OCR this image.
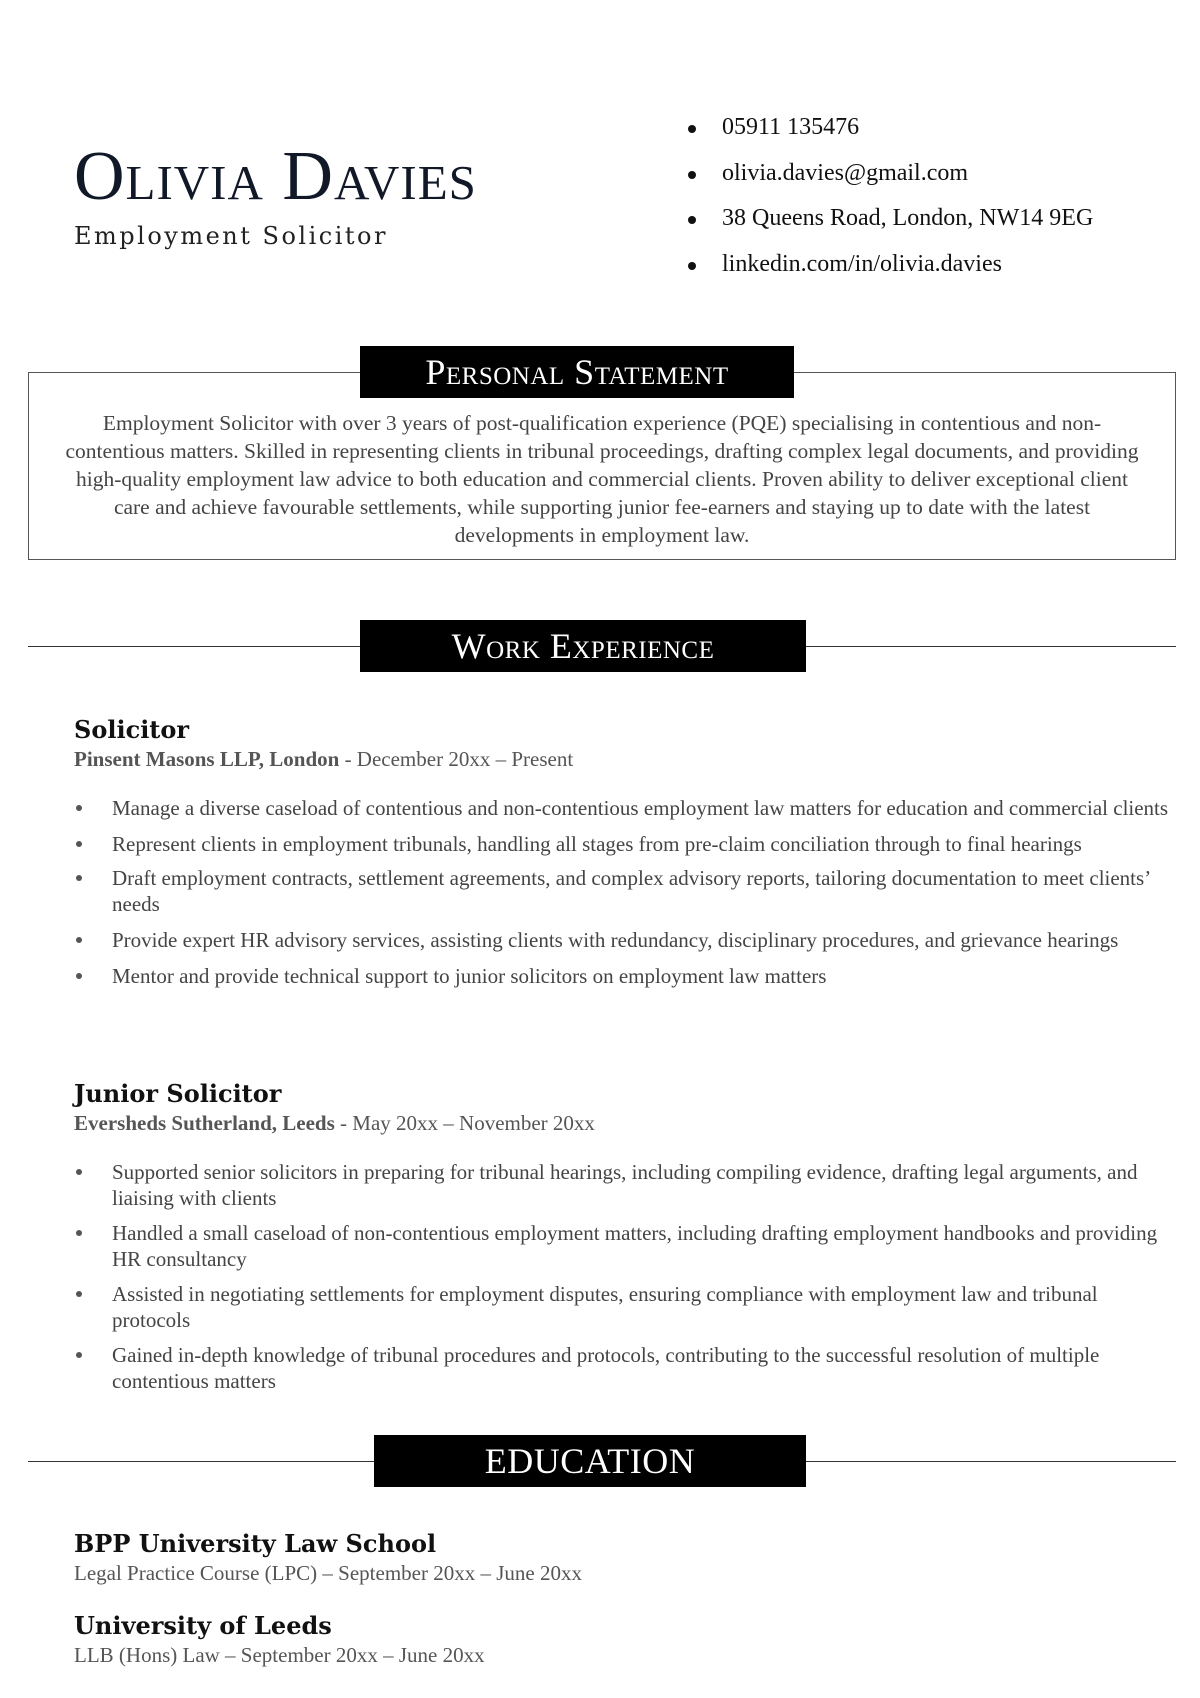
Olivia Davies
Employment Solicitor
05911 135476
olivia.davies@gmail.com
38 Queens Road, London, NW14 9EG
linkedin.com/in/olivia.davies
Personal Statement

Employment Solicitor with over 3 years of post-qualification experience (PQE) specialising in contentious and non-contentious matters. Skilled in representing clients in tribunal proceedings, drafting complex legal documents, and providing high-quality employment law advice to both education and commercial clients. Proven ability to deliver exceptional client care and achieve favourable settlements, while supporting junior fee-earners and staying up to date with the latest developments in employment law.

Work Experience
Solicitor
Pinsent Masons LLP, London - December 20xx – Present
Manage a diverse caseload of contentious and non-contentious employment law matters for education and commercial clients
Represent clients in employment tribunals, handling all stages from pre-claim conciliation through to final hearings
Draft employment contracts, settlement agreements, and complex advisory reports, tailoring documentation to meet clients’ needs
Provide expert HR advisory services, assisting clients with redundancy, disciplinary procedures, and grievance hearings
Mentor and provide technical support to junior solicitors on employment law matters
Junior Solicitor
Eversheds Sutherland, Leeds - May 20xx – November 20xx
Supported senior solicitors in preparing for tribunal hearings, including compiling evidence, drafting legal arguments, and liaising with clients
Handled a small caseload of non-contentious employment matters, including drafting employment handbooks and providing HR consultancy
Assisted in negotiating settlements for employment disputes, ensuring compliance with employment law and tribunal protocols
Gained in-depth knowledge of tribunal procedures and protocols, contributing to the successful resolution of multiple contentious matters
EDUCATION
BPP University Law School
Legal Practice Course (LPC) – September 20xx – June 20xx
University of Leeds
LLB (Hons) Law – September 20xx – June 20xx
